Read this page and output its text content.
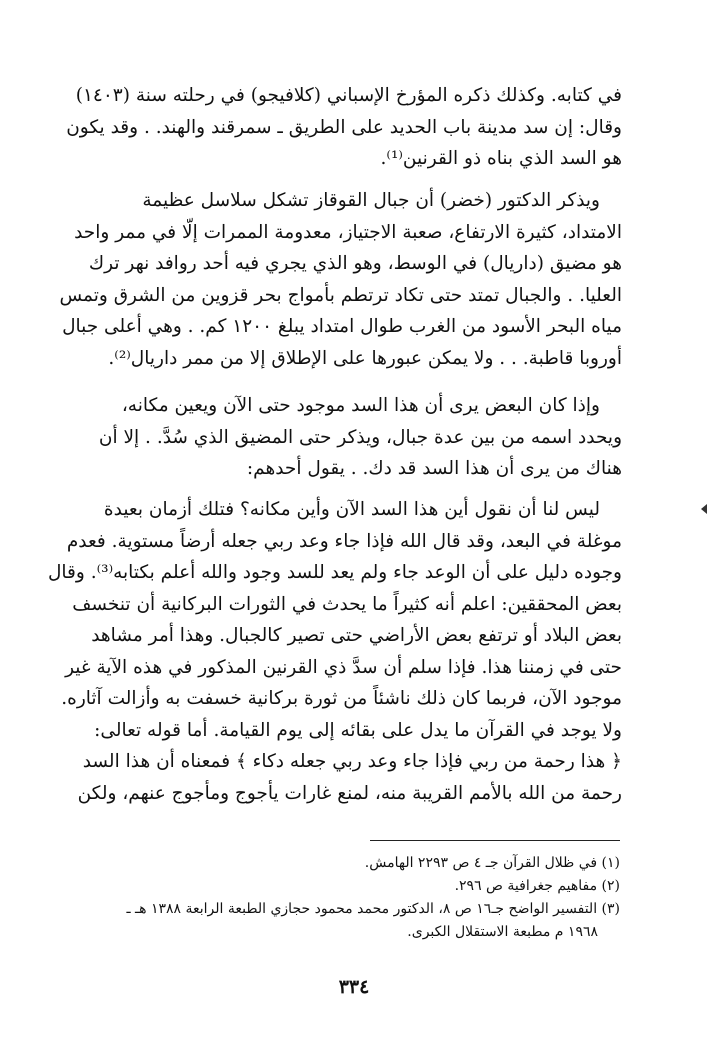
في كتابه. وكذلك ذكره المؤرخ الإسباني (كلافيجو) في رحلته سنة (١٤٠٣)
وقال: إن سد مدينة باب الحديد على الطريق ـ سمرقند والهند. . وقد يكون
هو السد الذي بناه ذو القرنين⁽¹⁾.
ويذكر الدكتور (خضر) أن جبال القوقاز تشكل سلاسل عظيمة
الامتداد، كثيرة الارتفاع، صعبة الاجتياز، معدومة الممرات إلّا في ممر واحد
هو مضيق (داريال) في الوسط، وهو الذي يجري فيه أحد روافد نهر ترك
العليا. . والجبال تمتد حتى تكاد ترتطم بأمواج بحر قزوين من الشرق وتمس
مياه البحر الأسود من الغرب طوال امتداد يبلغ ١٢٠٠ كم. . وهي أعلى جبال
أوروبا قاطبة. . . ولا يمكن عبورها على الإطلاق إلا من ممر داريال⁽²⁾.
وإذا كان البعض يرى أن هذا السد موجود حتى الآن ويعين مكانه،
ويحدد اسمه من بين عدة جبال، ويذكر حتى المضيق الذي سُدَّ. . إلا أن
هناك من يرى أن هذا السد قد دك. . يقول أحدهم:
ليس لنا أن نقول أين هذا السد الآن وأين مكانه؟ فتلك أزمان بعيدة
موغلة في البعد، وقد قال الله فإذا جاء وعد ربي جعله أرضاً مستوية. فعدم
وجوده دليل على أن الوعد جاء ولم يعد للسد وجود والله أعلم بكتابه⁽³⁾. وقال
بعض المحققين: اعلم أنه كثيراً ما يحدث في الثورات البركانية أن تنخسف
بعض البلاد أو ترتفع بعض الأراضي حتى تصير كالجبال. وهذا أمر مشاهد
حتى في زمننا هذا. فإذا سلم أن سدَّ ذي القرنين المذكور في هذه الآية غير
موجود الآن، فربما كان ذلك ناشئاً من ثورة بركانية خسفت به وأزالت آثاره.
ولا يوجد في القرآن ما يدل على بقائه إلى يوم القيامة. أما قوله تعالى:
﴿ هذا رحمة من ربي فإذا جاء وعد ربي جعله دكاء ﴾ فمعناه أن هذا السد
رحمة من الله بالأمم القريبة منه، لمنع غارات يأجوج ومأجوج عنهم، ولكن
(١) في ظلال القرآن جـ ٤ ص ٢٢٩٣ الهامش.
(٢) مفاهيم جغرافية ص ٢٩٦.
(٣) التفسير الواضح جـ١٦ ص ٨، الدكتور محمد محمود حجازي الطبعة الرابعة ١٣٨٨ هـ ـ
١٩٦٨ م مطبعة الاستقلال الكبرى.
٣٣٤
